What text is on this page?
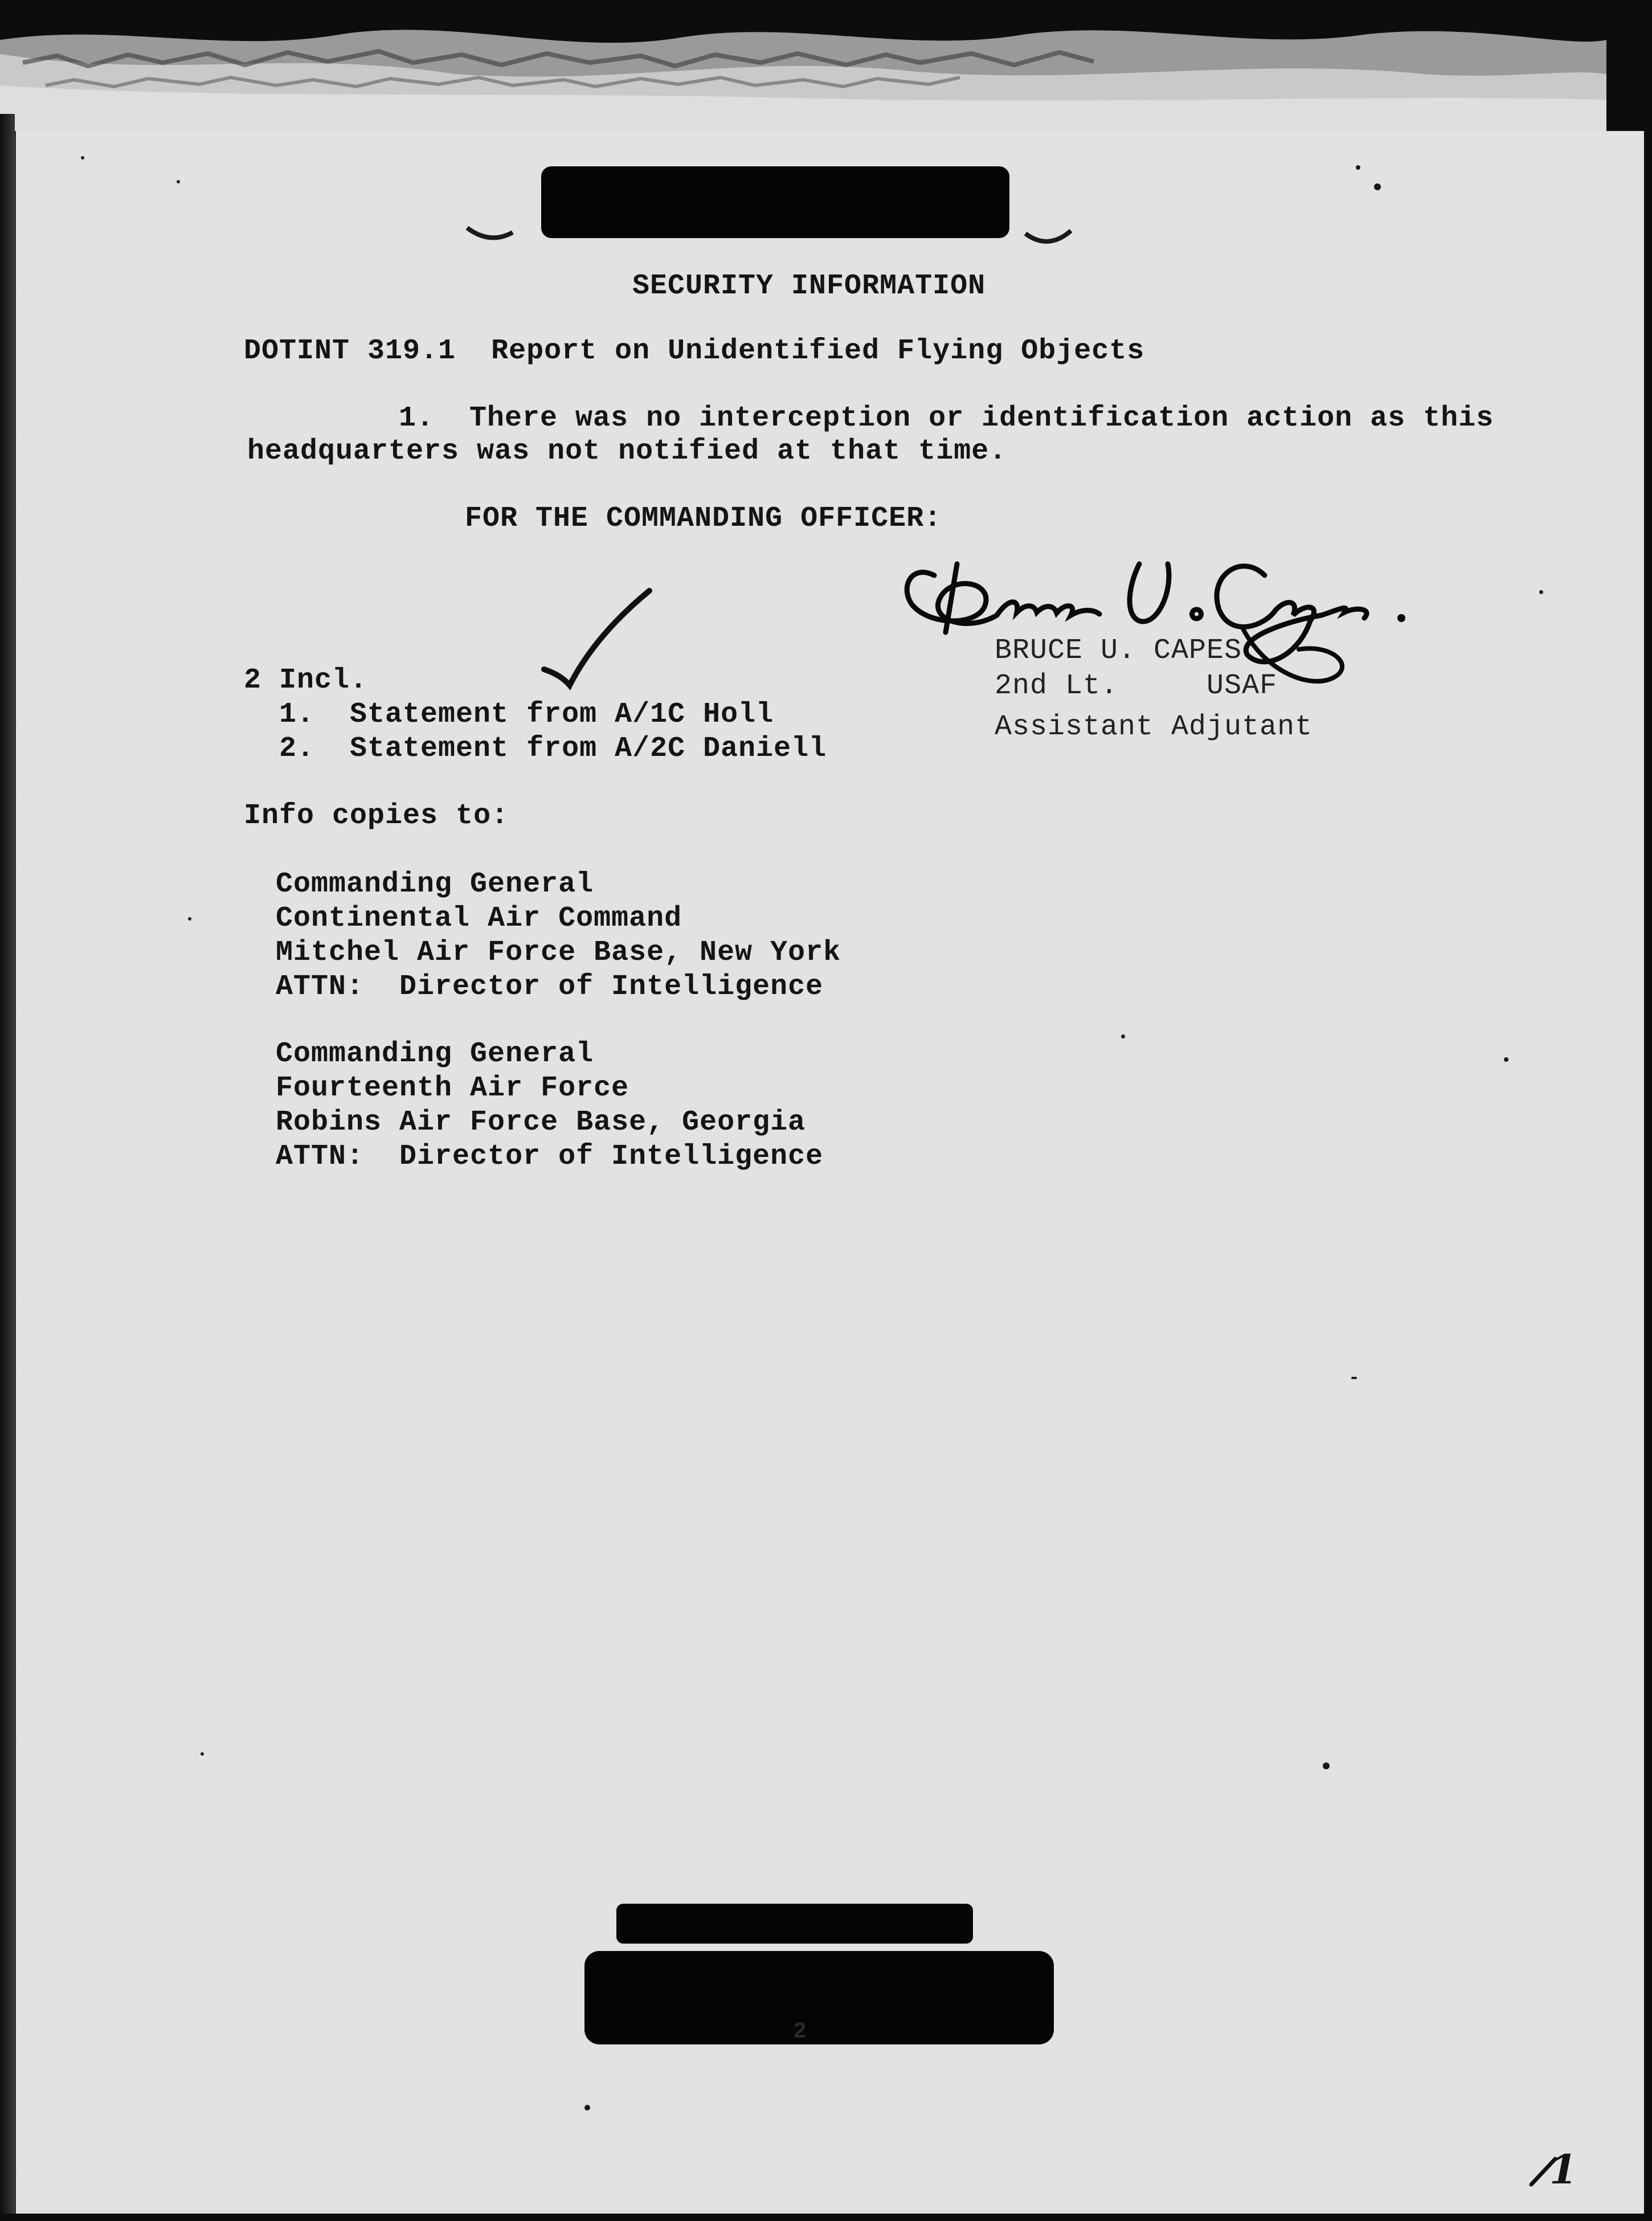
SECURITY INFORMATION
DOTINT 319.1  Report on Unidentified Flying Objects
1.  There was no interception or identification action as this
headquarters was not notified at that time.
FOR THE COMMANDING OFFICER:
BRUCE U. CAPES
2nd Lt.     USAF
Assistant Adjutant
2 Incl.
1.  Statement from A/1C Holl
2.  Statement from A/2C Daniell
Info copies to:
Commanding General
Continental Air Command
Mitchel Air Force Base, New York
ATTN:  Director of Intelligence
Commanding General
Fourteenth Air Force
Robins Air Force Base, Georgia
ATTN:  Director of Intelligence
2
1
